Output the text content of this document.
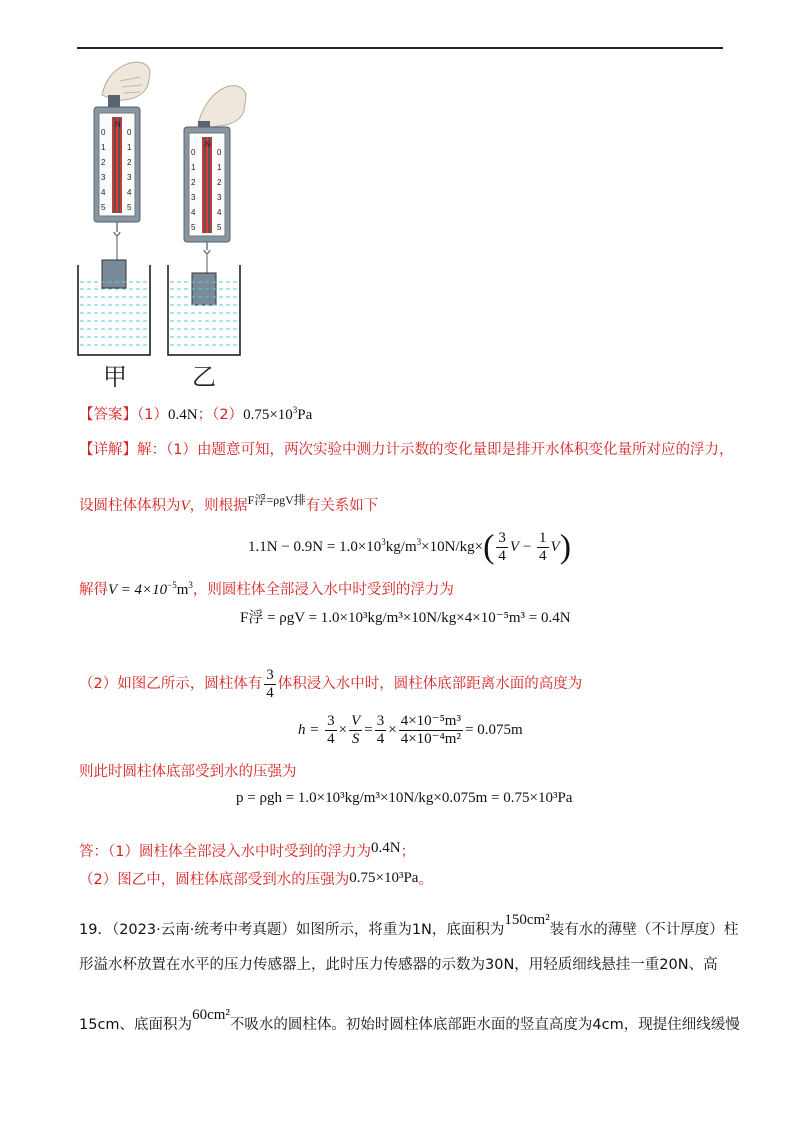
N
0	0
1	1
2	2
3	3
4	4
5	5
N
0	0
1	1
2	2
3	3
4	4
5	5
甲	乙
【答案】（1）0.4N；$(2)0.75\times 10^3Pa$
【详解】解：（1）由题意可知，两次实验中测力计示数的变化量即是排开水体积变化量所对应的浮力，
设圆柱体体积为V，则根据$^{F浮=\rho gV排}$有关系如下
$1.1N - 0.9N = 1.0\times 10^3kg/m^3\times 10N/kg\times( \frac{3}{4}$ $V - \frac{1}{4} V$)
解得$V = 4\times 10^{-5}m^3$，则圆柱体全部浸入水中时受到的浮力为
F浮 = ρgV = 1.0×10³kg/m³×10N/kg×4×10⁻⁵m³ = 0.4N
（2）如图乙所示，圆柱体有 $\frac{3}{4}$ 体积浸入水中时，圆柱体底部距离水面的高度为
$h = \frac{3}{4} \times \frac{V}{S} = \frac{3}{4} \times \frac{\text{4×10⁻⁵m³}}{\text{4×10⁻⁴m²}} = 0.075m$
则此时圆柱体底部受到水的压强为
p = ρgh = 1.0×10³kg/m³×10N/kg×0.075m = 0.75×10³Pa
答：（1）圆柱体全部浸入水中时受到的浮力为0.4N；
（2）图乙中，圆柱体底部受到水的压强为0.75×10³Pa。
19．（2023·云南·统考中考真题）如图所示，将重为1N，底面积为150cm²装有水的薄壁（不计厚度）柱
形溢水杯放置在水平的压力传感器上，此时压力传感器的示数为30N，用轻质细线悬挂一重20N、高
15cm、底面积为60cm²不吸水的圆柱体。初始时圆柱体底部距水面的竖直高度为4cm，现提住细线缓慢
